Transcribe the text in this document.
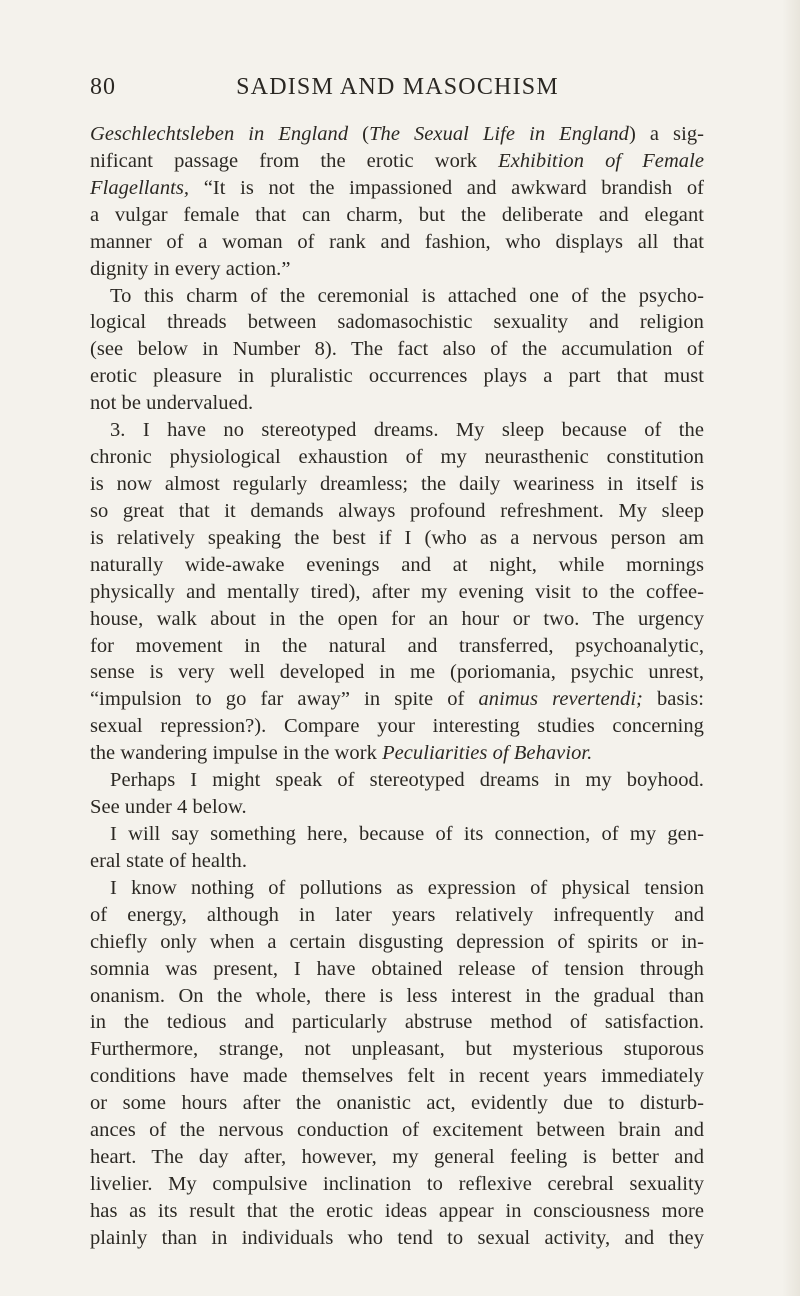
80	SADISM AND MASOCHISM
Geschlechtsleben in England (The Sexual Life in England) a sig-
nificant passage from the erotic work Exhibition of Female
Flagellants, “It is not the impassioned and awkward brandish of
a vulgar female that can charm, but the deliberate and elegant
manner of a woman of rank and fashion, who displays all that
dignity in every action.”
To this charm of the ceremonial is attached one of the psycho-
logical threads between sadomasochistic sexuality and religion
(see below in Number 8). The fact also of the accumulation of
erotic pleasure in pluralistic occurrences plays a part that must
not be undervalued.
3. I have no stereotyped dreams. My sleep because of the
chronic physiological exhaustion of my neurasthenic constitution
is now almost regularly dreamless; the daily weariness in itself is
so great that it demands always profound refreshment. My sleep
is relatively speaking the best if I (who as a nervous person am
naturally wide-awake evenings and at night, while mornings
physically and mentally tired), after my evening visit to the coffee-
house, walk about in the open for an hour or two. The urgency
for movement in the natural and transferred, psychoanalytic,
sense is very well developed in me (poriomania, psychic unrest,
“impulsion to go far away” in spite of animus revertendi; basis:
sexual repression?). Compare your interesting studies concerning
the wandering impulse in the work Peculiarities of Behavior.
Perhaps I might speak of stereotyped dreams in my boyhood.
See under 4 below.
I will say something here, because of its connection, of my gen-
eral state of health.
I know nothing of pollutions as expression of physical tension
of energy, although in later years relatively infrequently and
chiefly only when a certain disgusting depression of spirits or in-
somnia was present, I have obtained release of tension through
onanism. On the whole, there is less interest in the gradual than
in the tedious and particularly abstruse method of satisfaction.
Furthermore, strange, not unpleasant, but mysterious stuporous
conditions have made themselves felt in recent years immediately
or some hours after the onanistic act, evidently due to disturb-
ances of the nervous conduction of excitement between brain and
heart. The day after, however, my general feeling is better and
livelier. My compulsive inclination to reflexive cerebral sexuality
has as its result that the erotic ideas appear in consciousness more
plainly than in individuals who tend to sexual activity, and they
